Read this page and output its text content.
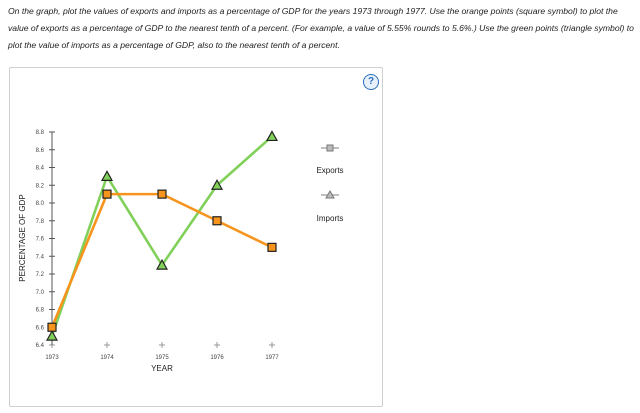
On the graph, plot the values of exports and imports as a percentage of GDP for the years 1973 through 1977. Use the orange points (square symbol) to plot the value of exports as a percentage of GDP to the nearest tenth of a percent. (For example, a value of 5.55% rounds to 5.6%.) Use the green points (triangle symbol) to plot the value of imports as a percentage of GDP, also to the nearest tenth of a percent.
?
6.4
6.6
6.8
7.0
7.2
7.4
7.6
7.8
8.0
8.2
8.4
8.6
8.8
1973	1974	1975	1976	1977
PERCENTAGE OF GDP
YEAR
Exports
Imports
